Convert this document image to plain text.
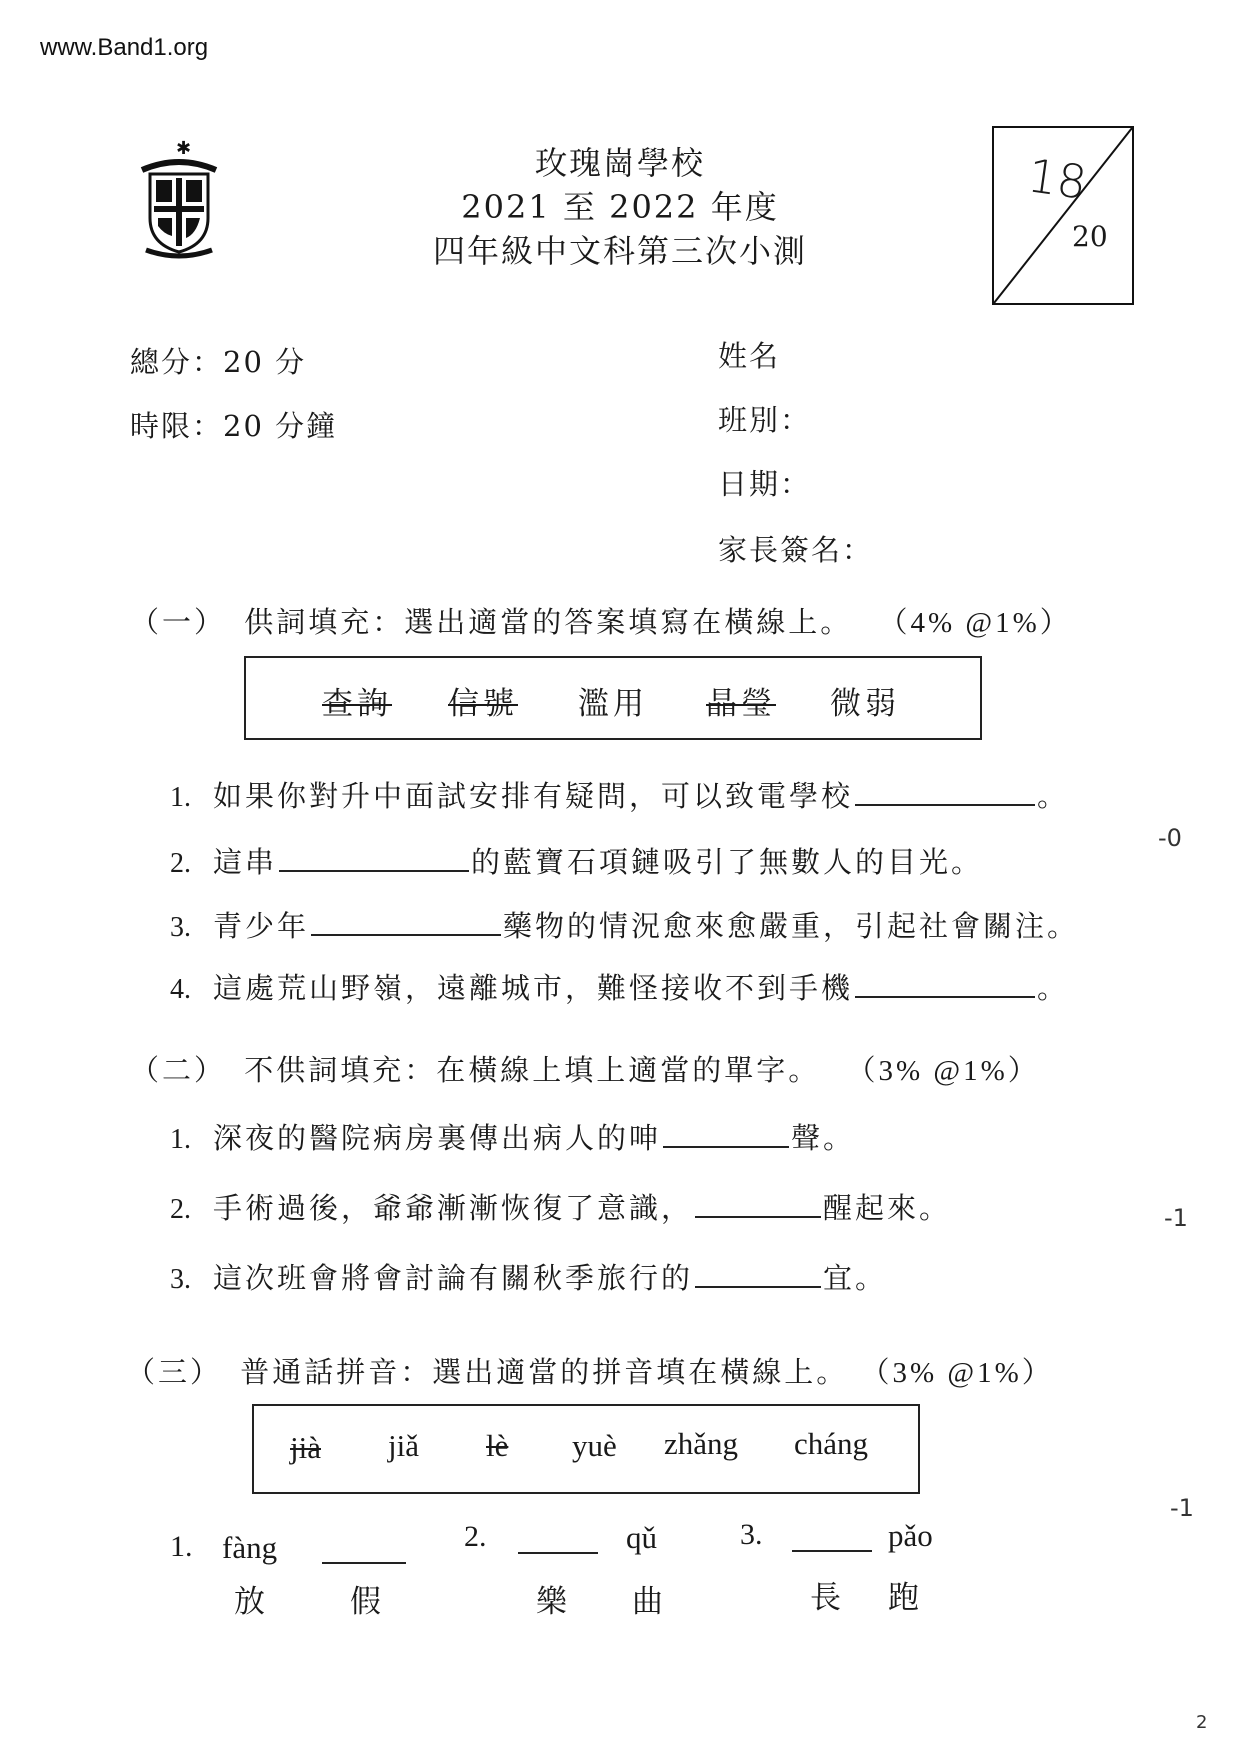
www.Band1.org
✱	玫瑰崗學校
2021 至 2022 年度
四年級中文科第三次小測
18
20
總分：20 分
時限：20 分鐘
姓名
班別：
日期：
家長簽名：
（一） 供詞填充：選出適當的答案填寫在橫線上。 （4% @1%）
查詢 信號 濫用 晶瑩 微弱
1. 如果你對升中面試安排有疑問，可以致電學校	。
2. 這串	的藍寶石項鏈吸引了無數人的目光。
3. 青少年	藥物的情況愈來愈嚴重，引起社會關注。
4. 這處荒山野嶺，遠離城市，難怪接收不到手機	。
（二） 不供詞填充：在橫線上填上適當的單字。 （3% @1%）
1. 深夜的醫院病房裏傳出病人的呻	聲。
2. 手術過後，爺爺漸漸恢復了意識，	醒起來。
3. 這次班會將會討論有關秋季旅行的	宜。
（三） 普通話拼音：選出適當的拼音填在橫線上。 （3% @1%）
jià jiǎ lè yuè zhǎng cháng
1. fàng
放	假
2.	qǔ
樂 曲
3.	pǎo
長 跑
-0
-1
-1
2
